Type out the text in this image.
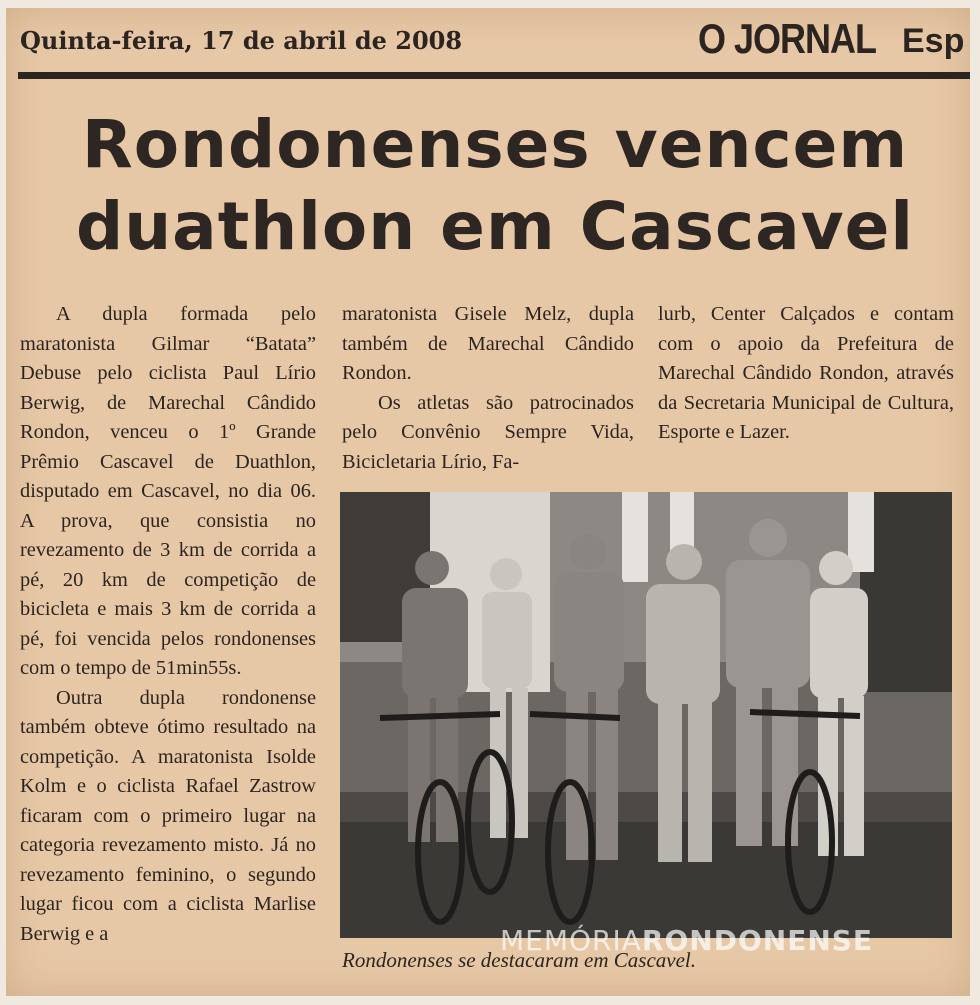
Quinta-feira, 17 de abril de 2008	O JORNAL Esp
Rondonenses vencem
duathlon em Cascavel

A dupla formada pelo maratonista Gilmar “Batata” Debuse pelo ciclista Paul Lírio Berwig, de Marechal Cândido Rondon, venceu o 1º Grande Prêmio Cascavel de Duathlon, disputado em Cascavel, no dia 06. A prova, que consistia no revezamento de 3 km de corrida a pé, 20 km de competição de bicicleta e mais 3 km de corrida a pé, foi vencida pelos rondonenses com o tempo de 51min55s.

Outra dupla rondonense também obteve ótimo resultado na competição. A maratonista Isolde Kolm e o ciclista Rafael Zastrow ficaram com o primeiro lugar na categoria revezamento misto. Já no revezamento feminino, o segundo lugar ficou com a ciclista Marlise Berwig e a

maratonista Gisele Melz, dupla também de Marechal Cândido Rondon.

Os atletas são patrocinados pelo Convênio Sempre Vida, Bicicletaria Lírio, Fa-

lurb, Center Calçados e contam com o apoio da Prefeitura de Marechal Cândido Rondon, através da Secretaria Municipal de Cultura, Esporte e Lazer.

Rondonenses se destacaram em Cascavel.
MEMÓRIARONDONENSE
